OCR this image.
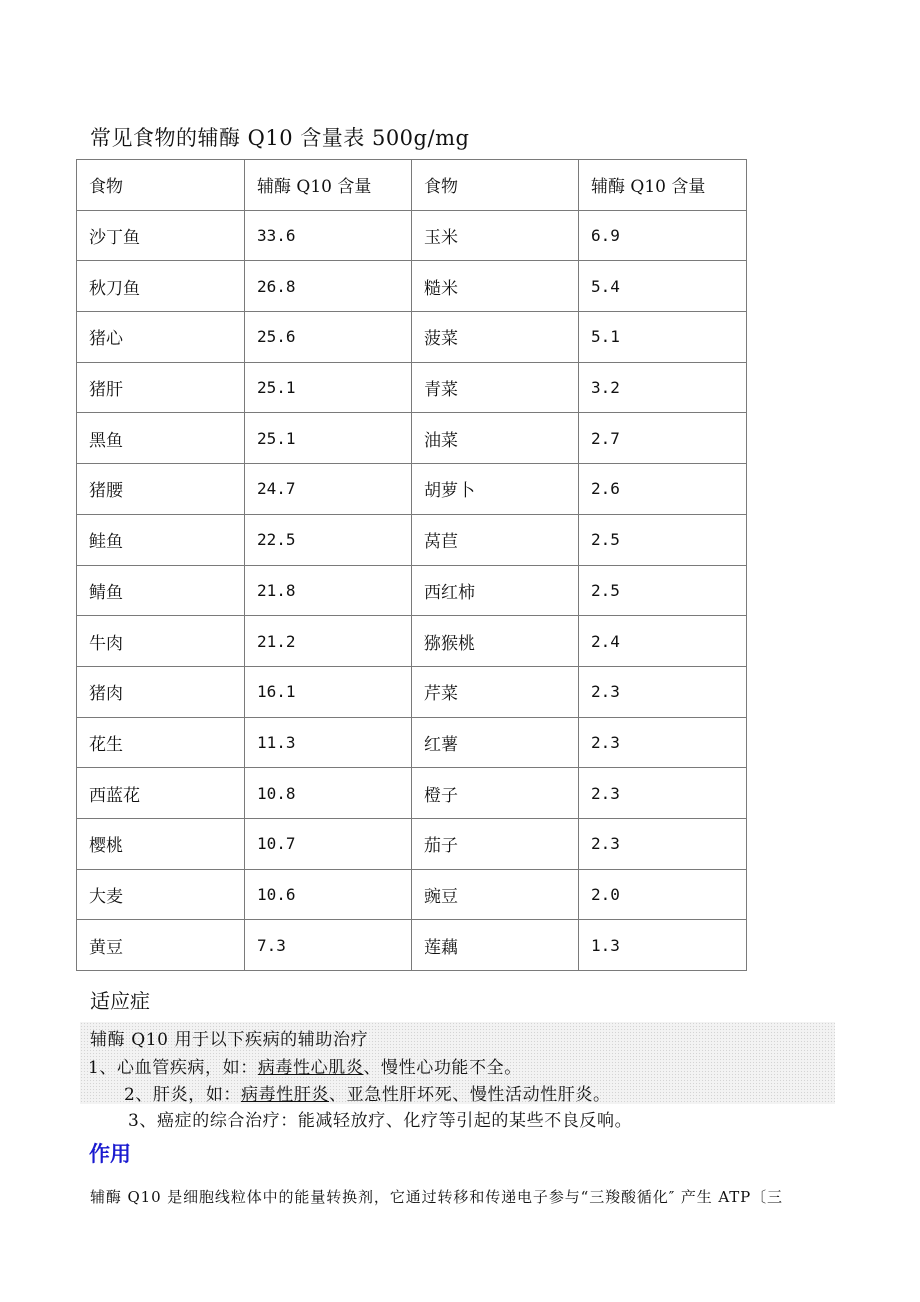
常见食物的辅酶 Q10 含量表 500g/mg
食物	辅酶 Q10 含量	食物	辅酶 Q10 含量
沙丁鱼	33.6	玉米	6.9
秋刀鱼	26.8	糙米	5.4
猪心	25.6	菠菜	5.1
猪肝	25.1	青菜	3.2
黑鱼	25.1	油菜	2.7
猪腰	24.7	胡萝卜	2.6
鲑鱼	22.5	莴苣	2.5
鲭鱼	21.8	西红柿	2.5
牛肉	21.2	猕猴桃	2.4
猪肉	16.1	芹菜	2.3
花生	11.3	红薯	2.3
西蓝花	10.8	橙子	2.3
樱桃	10.7	茄子	2.3
大麦	10.6	豌豆	2.0
黄豆	7.3	莲藕	1.3
适应症
辅酶 Q10 用于以下疾病的辅助治疗
1、心血管疾病，如：病毒性心肌炎、慢性心功能不全。
2、肝炎，如：病毒性肝炎、亚急性肝坏死、慢性活动性肝炎。
3、癌症的综合治疗：能减轻放疗、化疗等引起的某些不良反响。
作用
辅酶 Q10 是细胞线粒体中的能量转换剂，它通过转移和传递电子参与“三羧酸循化″ 产生 ATP〔三
